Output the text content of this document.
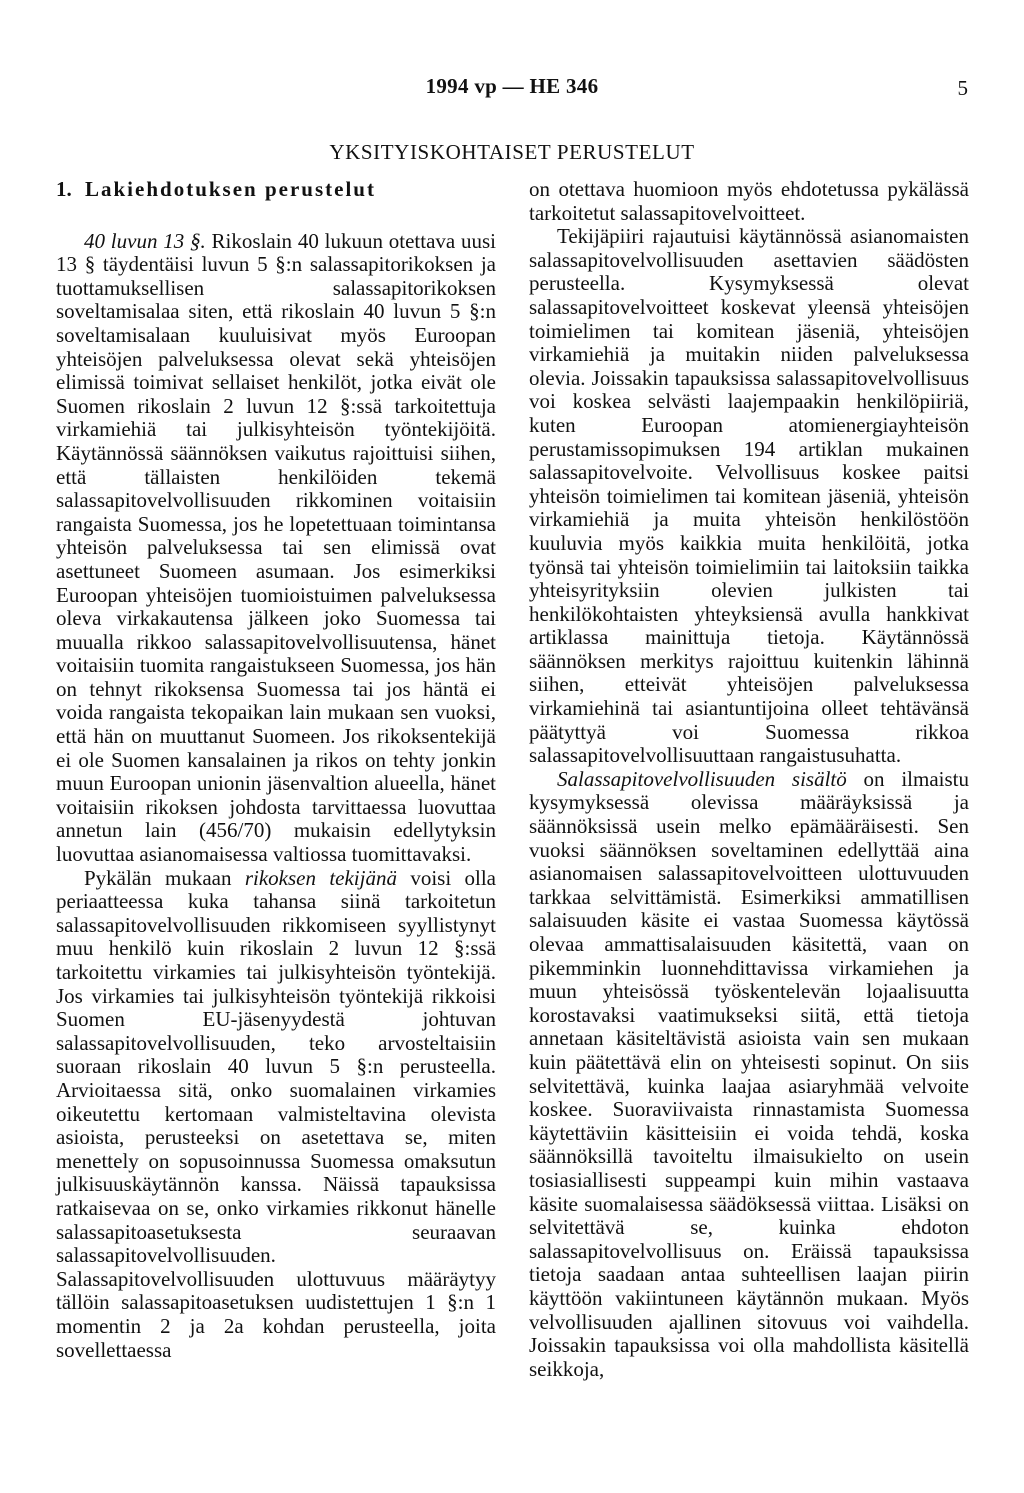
1994 vp — HE 346	5
YKSITYISKOHTAISET PERUSTELUT
1. Lakiehdotuksen perustelut

40 luvun 13 §. Rikoslain 40 lukuun otettava uusi 13 § täydentäisi luvun 5 §:n salassapitorikoksen ja tuottamuksellisen salassapitorikoksen soveltamisalaa siten, että rikoslain 40 luvun 5 §:n soveltamisalaan kuuluisivat myös Euroopan yhteisöjen palveluksessa olevat sekä yhteisöjen elimissä toimivat sellaiset henkilöt, jotka eivät ole Suomen rikoslain 2 luvun 12 §:ssä tarkoitettuja virkamiehiä tai julkisyhteisön työntekijöitä. Käytännössä säännöksen vaikutus rajoittuisi siihen, että tällaisten henkilöiden tekemä salassapitovelvollisuuden rikkominen voitaisiin rangaista Suomessa, jos he lopetettuaan toimintansa yhteisön palveluksessa tai sen elimissä ovat asettuneet Suomeen asumaan. Jos esimerkiksi Euroopan yhteisöjen tuomioistuimen palveluksessa oleva virkakautensa jälkeen joko Suomessa tai muualla rikkoo salassapitovelvollisuutensa, hänet voitaisiin tuomita rangaistukseen Suomessa, jos hän on tehnyt rikoksensa Suomessa tai jos häntä ei voida rangaista tekopaikan lain mukaan sen vuoksi, että hän on muuttanut Suomeen. Jos rikoksentekijä ei ole Suomen kansalainen ja rikos on tehty jonkin muun Euroopan unionin jäsenvaltion alueella, hänet voitaisiin rikoksen johdosta tarvittaessa luovuttaa annetun lain (456/70) mukaisin edellytyksin luovuttaa asianomaisessa valtiossa tuomittavaksi.

Pykälän mukaan rikoksen tekijänä voisi olla periaatteessa kuka tahansa siinä tarkoitetun salassapitovelvollisuuden rikkomiseen syyllistynyt muu henkilö kuin rikoslain 2 luvun 12 §:ssä tarkoitettu virkamies tai julkisyhteisön työntekijä. Jos virkamies tai julkisyhteisön työntekijä rikkoisi Suomen EU-jäsenyydestä johtuvan salassapitovelvollisuuden, teko arvosteltaisiin suoraan rikoslain 40 luvun 5 §:n perusteella. Arvioitaessa sitä, onko suomalainen virkamies oikeutettu kertomaan valmisteltavina olevista asioista, perusteeksi on asetettava se, miten menettely on sopusoinnussa Suomessa omaksutun julkisuuskäytännön kanssa. Näissä tapauksissa ratkaisevaa on se, onko virkamies rikkonut hänelle salassapitoasetuksesta seuraavan salassapitovelvollisuuden. Salassapitovelvollisuuden ulottuvuus määräytyy tällöin salassapitoasetuksen uudistettujen 1 §:n 1 momentin 2 ja 2a kohdan perusteella, joita sovellettaessa

on otettava huomioon myös ehdotetussa pykälässä tarkoitetut salassapitovelvoitteet.

Tekijäpiiri rajautuisi käytännössä asianomaisten salassapitovelvollisuuden asettavien säädösten perusteella. Kysymyksessä olevat salassapitovelvoitteet koskevat yleensä yhteisöjen toimielimen tai komitean jäseniä, yhteisöjen virkamiehiä ja muitakin niiden palveluksessa olevia. Joissakin tapauksissa salassapitovelvollisuus voi koskea selvästi laajempaakin henkilöpiiriä, kuten Euroopan atomienergiayhteisön perustamissopimuksen 194 artiklan mukainen salassapitovelvoite. Velvollisuus koskee paitsi yhteisön toimielimen tai komitean jäseniä, yhteisön virkamiehiä ja muita yhteisön henkilöstöön kuuluvia myös kaikkia muita henkilöitä, jotka työnsä tai yhteisön toimielimiin tai laitoksiin taikka yhteisyrityksiin olevien julkisten tai henkilökohtaisten yhteyksiensä avulla hankkivat artiklassa mainittuja tietoja. Käytännössä säännöksen merkitys rajoittuu kuitenkin lähinnä siihen, etteivät yhteisöjen palveluksessa virkamiehinä tai asiantuntijoina olleet tehtävänsä päätyttyä voi Suomessa rikkoa salassapitovelvollisuuttaan rangaistusuhatta.

Salassapitovelvollisuuden sisältö on ilmaistu kysymyksessä olevissa määräyksissä ja säännöksissä usein melko epämääräisesti. Sen vuoksi säännöksen soveltaminen edellyttää aina asianomaisen salassapitovelvoitteen ulottuvuuden tarkkaa selvittämistä. Esimerkiksi ammatillisen salaisuuden käsite ei vastaa Suomessa käytössä olevaa ammattisalaisuuden käsitettä, vaan on pikemminkin luonnehdittavissa virkamiehen ja muun yhteisössä työskentelevän lojaalisuutta korostavaksi vaatimukseksi siitä, että tietoja annetaan käsiteltävistä asioista vain sen mukaan kuin päätettävä elin on yhteisesti sopinut. On siis selvitettävä, kuinka laajaa asiaryhmää velvoite koskee. Suoraviivaista rinnastamista Suomessa käytettäviin käsitteisiin ei voida tehdä, koska säännöksillä tavoiteltu ilmaisukielto on usein tosiasiallisesti suppeampi kuin mihin vastaava käsite suomalaisessa säädöksessä viittaa. Lisäksi on selvitettävä se, kuinka ehdoton salassapitovelvollisuus on. Eräissä tapauksissa tietoja saadaan antaa suhteellisen laajan piirin käyttöön vakiintuneen käytännön mukaan. Myös velvollisuuden ajallinen sitovuus voi vaihdella. Joissakin tapauksissa voi olla mahdollista käsitellä seikkoja,
